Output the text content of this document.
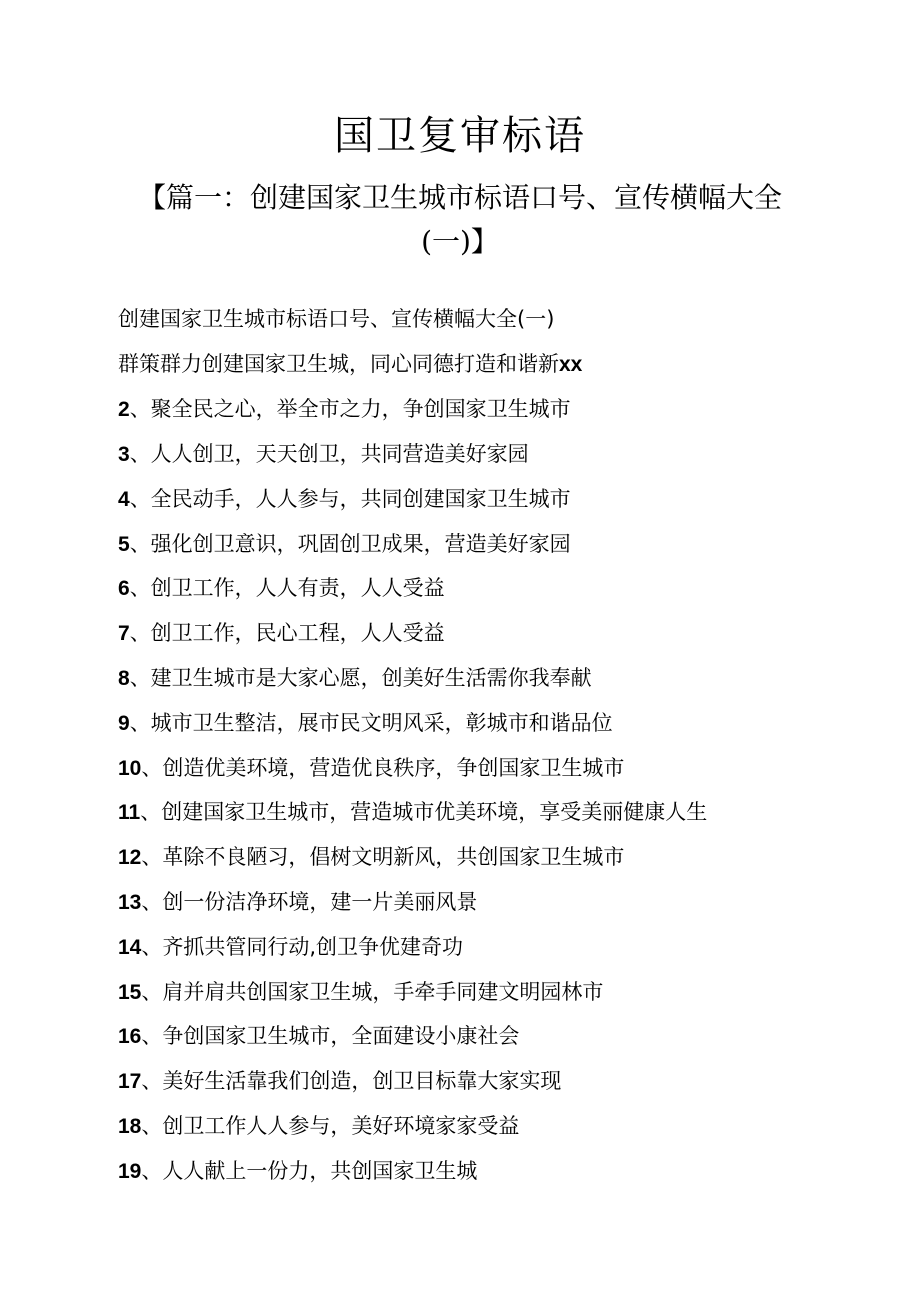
国卫复审标语
【篇一：创建国家卫生城市标语口号、宣传横幅大全(一)】

创建国家卫生城市标语口号、宣传横幅大全(一)

群策群力创建国家卫生城，同心同德打造和谐新xx

2、聚全民之心，举全市之力，争创国家卫生城市

3、人人创卫，天天创卫，共同营造美好家园

4、全民动手，人人参与，共同创建国家卫生城市

5、强化创卫意识，巩固创卫成果，营造美好家园

6、创卫工作，人人有责，人人受益

7、创卫工作，民心工程，人人受益

8、建卫生城市是大家心愿，创美好生活需你我奉献

9、城市卫生整洁，展市民文明风采，彰城市和谐品位

10、创造优美环境，营造优良秩序，争创国家卫生城市

11、创建国家卫生城市，营造城市优美环境，享受美丽健康人生

12、革除不良陋习，倡树文明新风，共创国家卫生城市

13、创一份洁净环境，建一片美丽风景

14、齐抓共管同行动,创卫争优建奇功

15、肩并肩共创国家卫生城，手牵手同建文明园林市

16、争创国家卫生城市，全面建设小康社会

17、美好生活靠我们创造，创卫目标靠大家实现

18、创卫工作人人参与，美好环境家家受益

19、人人献上一份力，共创国家卫生城
